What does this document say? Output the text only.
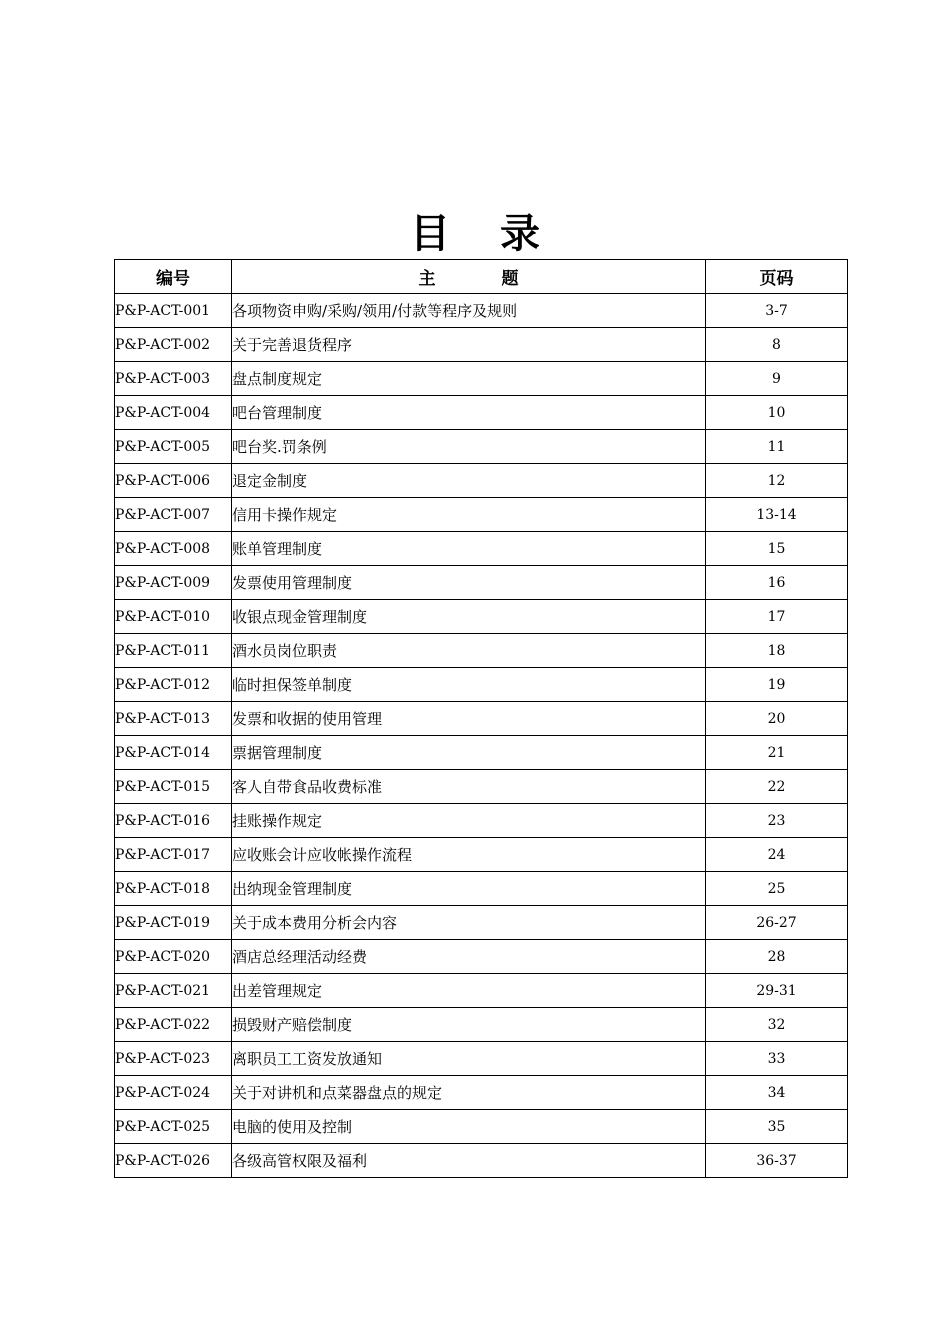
目 录
编号	主 题	页码
P&P-ACT-001	各项物资申购/采购/领用/付款等程序及规则	3-7
P&P-ACT-002	关于完善退货程序	8
P&P-ACT-003	盘点制度规定	9
P&P-ACT-004	吧台管理制度	10
P&P-ACT-005	吧台奖.罚条例	11
P&P-ACT-006	退定金制度	12
P&P-ACT-007	信用卡操作规定	13-14
P&P-ACT-008	账单管理制度	15
P&P-ACT-009	发票使用管理制度	16
P&P-ACT-010	收银点现金管理制度	17
P&P-ACT-011	酒水员岗位职责	18
P&P-ACT-012	临时担保签单制度	19
P&P-ACT-013	发票和收据的使用管理	20
P&P-ACT-014	票据管理制度	21
P&P-ACT-015	客人自带食品收费标准	22
P&P-ACT-016	挂账操作规定	23
P&P-ACT-017	应收账会计应收帐操作流程	24
P&P-ACT-018	出纳现金管理制度	25
P&P-ACT-019	关于成本费用分析会内容	26-27
P&P-ACT-020	酒店总经理活动经费	28
P&P-ACT-021	出差管理规定	29-31
P&P-ACT-022	损毁财产赔偿制度	32
P&P-ACT-023	离职员工工资发放通知	33
P&P-ACT-024	关于对讲机和点菜器盘点的规定	34
P&P-ACT-025	电脑的使用及控制	35
P&P-ACT-026	各级高管权限及福利	36-37
